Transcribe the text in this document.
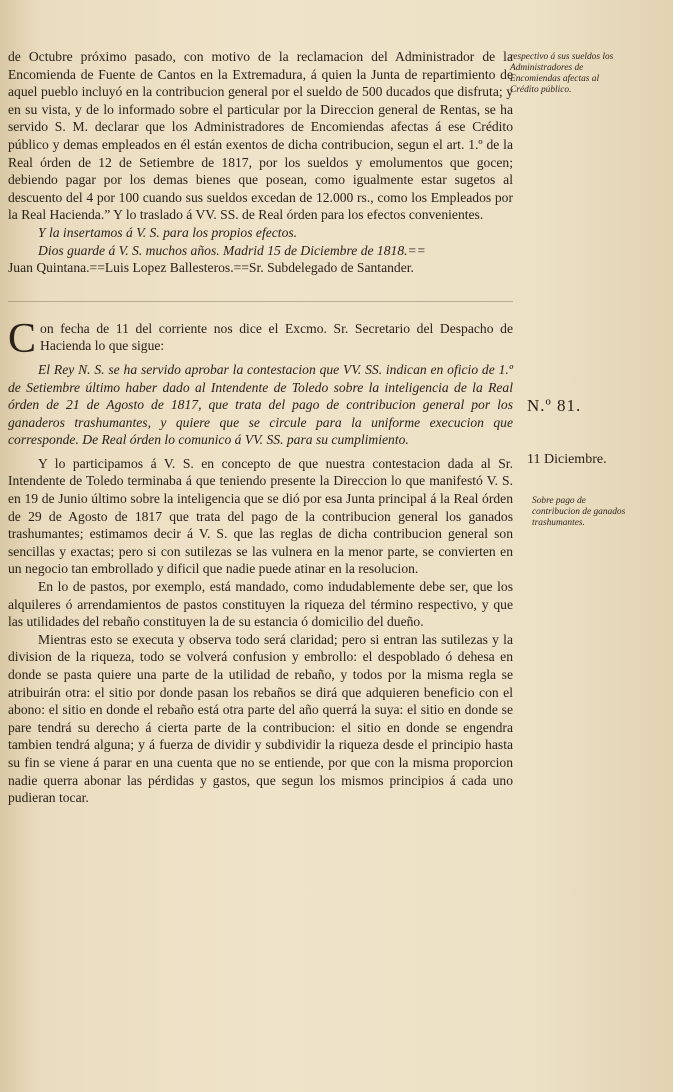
de Octubre próximo pasado, con motivo de la reclamacion del Administrador de la Encomienda de Fuente de Cantos en la Extremadura, á quien la Junta de repartimiento de aquel pueblo incluyó en la contribucion general por el sueldo de 500 ducados que disfruta; y en su vista, y de lo informado sobre el particular por la Direccion general de Rentas, se ha servido S. M. declarar que los Administradores de Encomiendas afectas á ese Crédito público y demas empleados en él están exentos de dicha contribucion, segun el art. 1.º de la Real órden de 12 de Setiembre de 1817, por los sueldos y emolumentos que gocen; debiendo pagar por los demas bienes que posean, como igualmente estar sugetos al descuento del 4 por 100 cuando sus sueldos excedan de 12.000 rs., como los Empleados por la Real Hacienda.” Y lo traslado á VV. SS. de Real órden para los efectos convenientes.

Y la insertamos á V. S. para los propios efectos.

Dios guarde á V. S. muchos años. Madrid 15 de Diciembre de 1818.==

Juan Quintana.==Luis Lopez Ballesteros.==Sr. Subdelegado de Santander.

Con fecha de 11 del corriente nos dice el Excmo. Sr. Secretario del Despacho de Hacienda lo que sigue:

El Rey N. S. se ha servido aprobar la contestacion que VV. SS. indican en oficio de 1.º de Setiembre último haber dado al Intendente de Toledo sobre la inteligencia de la Real órden de 21 de Agosto de 1817, que trata del pago de contribucion general por los ganaderos trashumantes, y quiere que se circule para la uniforme execucion que corresponde. De Real órden lo comunico á VV. SS. para su cumplimiento.

Y lo participamos á V. S. en concepto de que nuestra contestacion dada al Sr. Intendente de Toledo terminaba á que teniendo presente la Direccion lo que manifestó V. S. en 19 de Junio último sobre la inteligencia que se dió por esa Junta principal á la Real órden de 29 de Agosto de 1817 que trata del pago de la contribucion general los ganados trashumantes; estimamos decir á V. S. que las reglas de dicha contribucion general son sencillas y exactas; pero si con sutilezas se las vulnera en la menor parte, se convierten en un negocio tan embrollado y dificil que nadie puede atinar en la resolucion.

En lo de pastos, por exemplo, está mandado, como indudablemente debe ser, que los alquileres ó arrendamientos de pastos constituyen la riqueza del término respectivo, y que las utilidades del rebaño constituyen la de su estancia ó domicilio del dueño.

Mientras esto se executa y observa todo será claridad; pero si entran las sutilezas y la division de la riqueza, todo se volverá confusion y embrollo: el despoblado ó dehesa en donde se pasta quiere una parte de la utilidad de rebaño, y todos por la misma regla se atribuirán otra: el sitio por donde pasan los rebaños se dirá que adquieren beneficio con el abono: el sitio en donde el rebaño está otra parte del año querrá la suya: el sitio en donde se pare tendrá su derecho á cierta parte de la contribucion: el sitio en donde se engendra tambien tendrá alguna; y á fuerza de dividir y subdividir la riqueza desde el principio hasta su fin se viene á parar en una cuenta que no se entiende, por que con la misma proporcion nadie querra abonar las pérdidas y gastos, que segun los mismos principios á cada uno pudieran tocar.

respectivo á sus sueldos los Administradores de Encomiendas afectas al Crédito público.
N.º 81.
11 Diciembre.
Sobre pago de contribucion de ganados trashumantes.
